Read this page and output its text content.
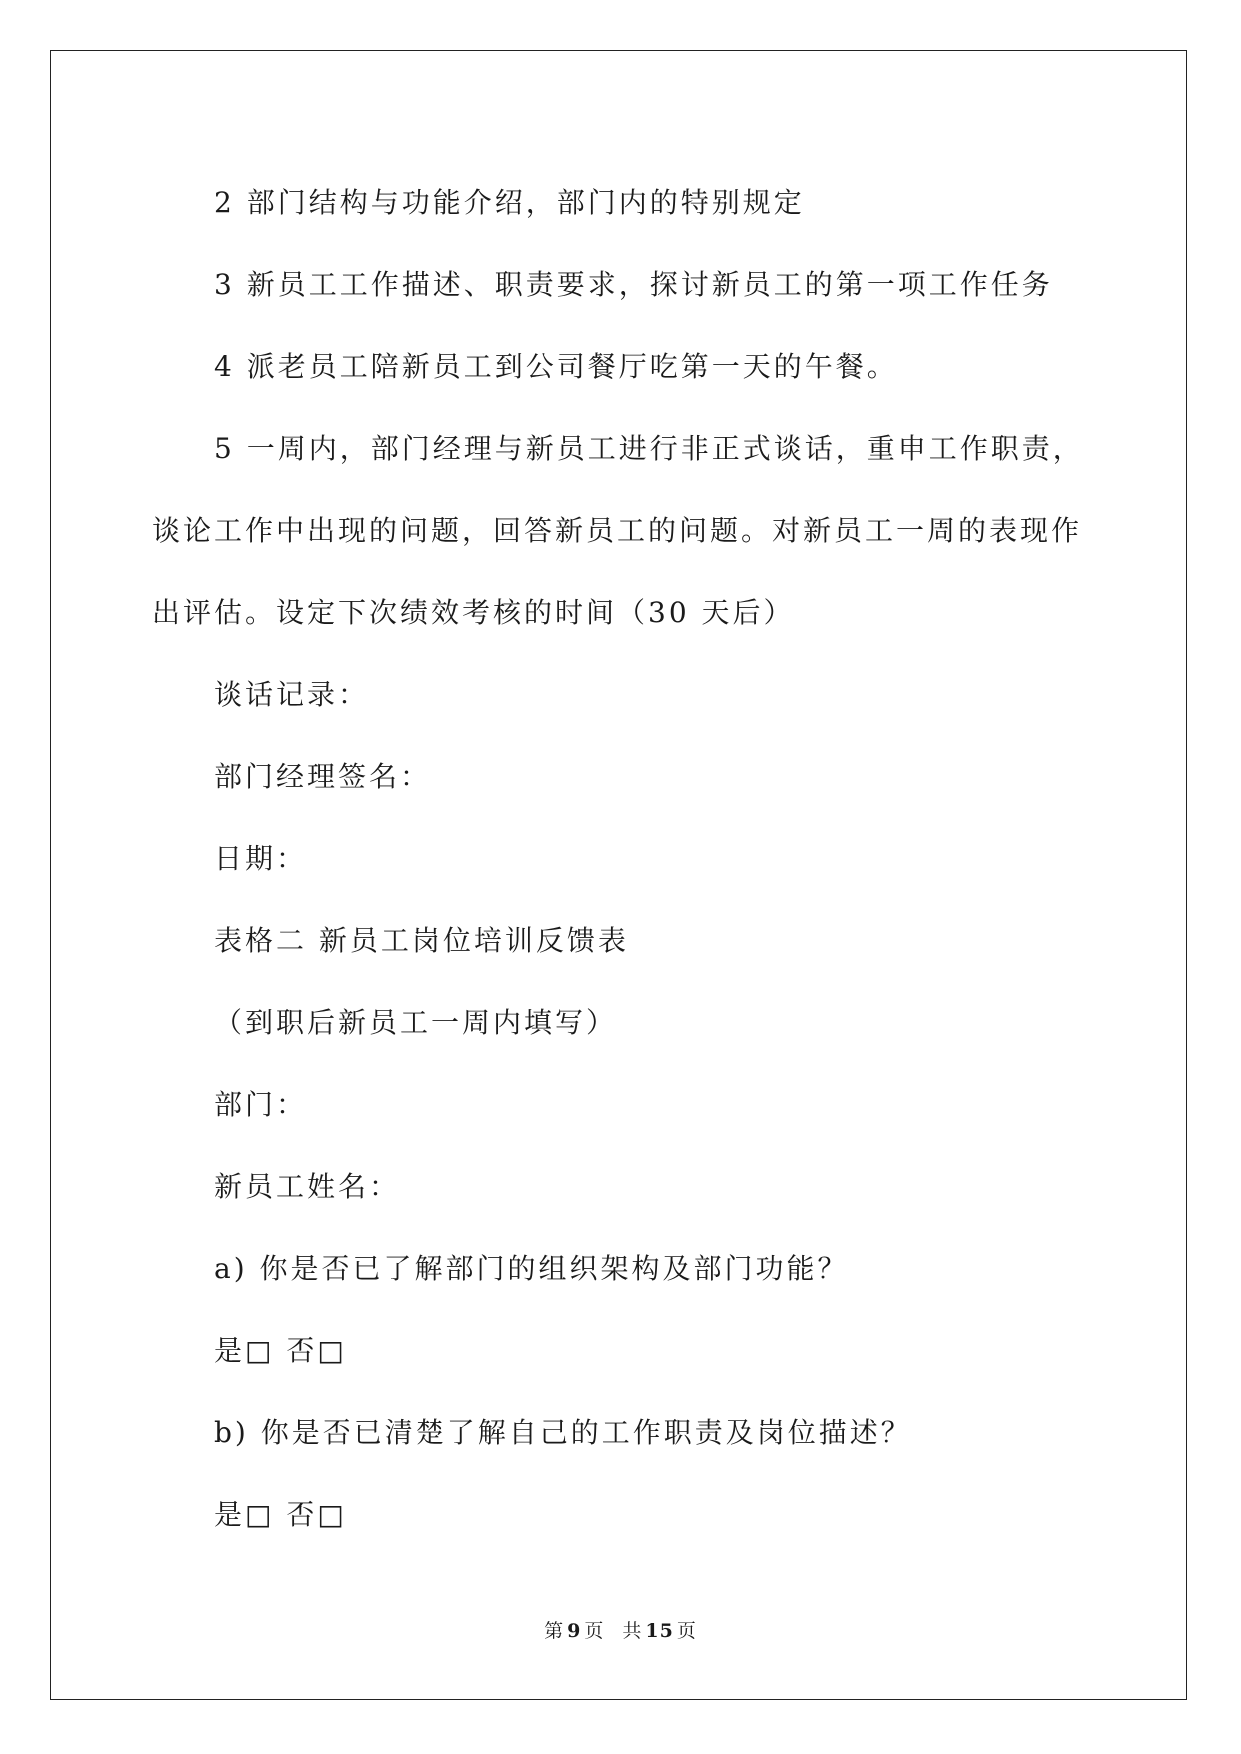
2 部门结构与功能介绍，部门内的特别规定
3 新员工工作描述、职责要求，探讨新员工的第一项工作任务
4 派老员工陪新员工到公司餐厅吃第一天的午餐。
5 一周内，部门经理与新员工进行非正式谈话，重申工作职责，
谈论工作中出现的问题，回答新员工的问题。对新员工一周的表现作
出评估。设定下次绩效考核的时间（30 天后）
谈话记录：
部门经理签名：
日期：
表格二 新员工岗位培训反馈表
（到职后新员工一周内填写）
部门：
新员工姓名：
a) 你是否已了解部门的组织架构及部门功能？
是□ 否□
b) 你是否已清楚了解自己的工作职责及岗位描述？
是□ 否□
第 9 页 共 15 页
